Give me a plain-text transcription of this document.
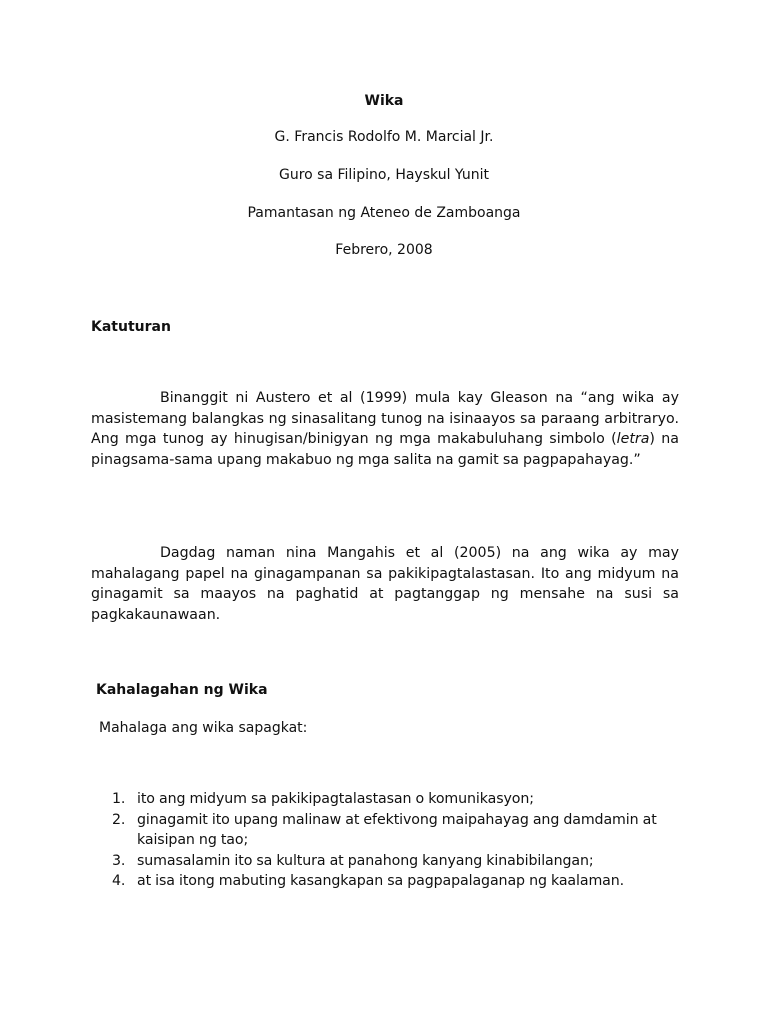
Wika
G. Francis Rodolfo M. Marcial Jr.
Guro sa Filipino, Hayskul Yunit
Pamantasan ng Ateneo de Zamboanga
Febrero, 2008
Katuturan

Binanggit ni Austero et al (1999) mula kay Gleason na “ang wika ay masistemang balangkas ng sinasalitang tunog na isinaayos sa paraang arbitraryo. Ang mga tunog ay hinugisan/binigyan ng mga makabuluhang simbolo (letra) na pinagsama-sama upang makabuo ng mga salita na gamit sa pagpapahayag.”

Dagdag naman nina Mangahis et al (2005) na ang wika ay may mahalagang papel na ginagampanan sa pakikipagtalastasan. Ito ang midyum na ginagamit sa maayos na paghatid at pagtanggap ng mensahe na susi sa pagkakaunawaan.

Kahalagahan ng Wika
Mahalaga ang wika sapagkat:
1. ito ang midyum sa pakikipagtalastasan o komunikasyon;
2. ginagamit ito upang malinaw at efektivong maipahayag ang damdamin at kaisipan ng tao;
3. sumasalamin ito sa kultura at panahong kanyang kinabibilangan;
4. at isa itong mabuting kasangkapan sa pagpapalaganap ng kaalaman.
